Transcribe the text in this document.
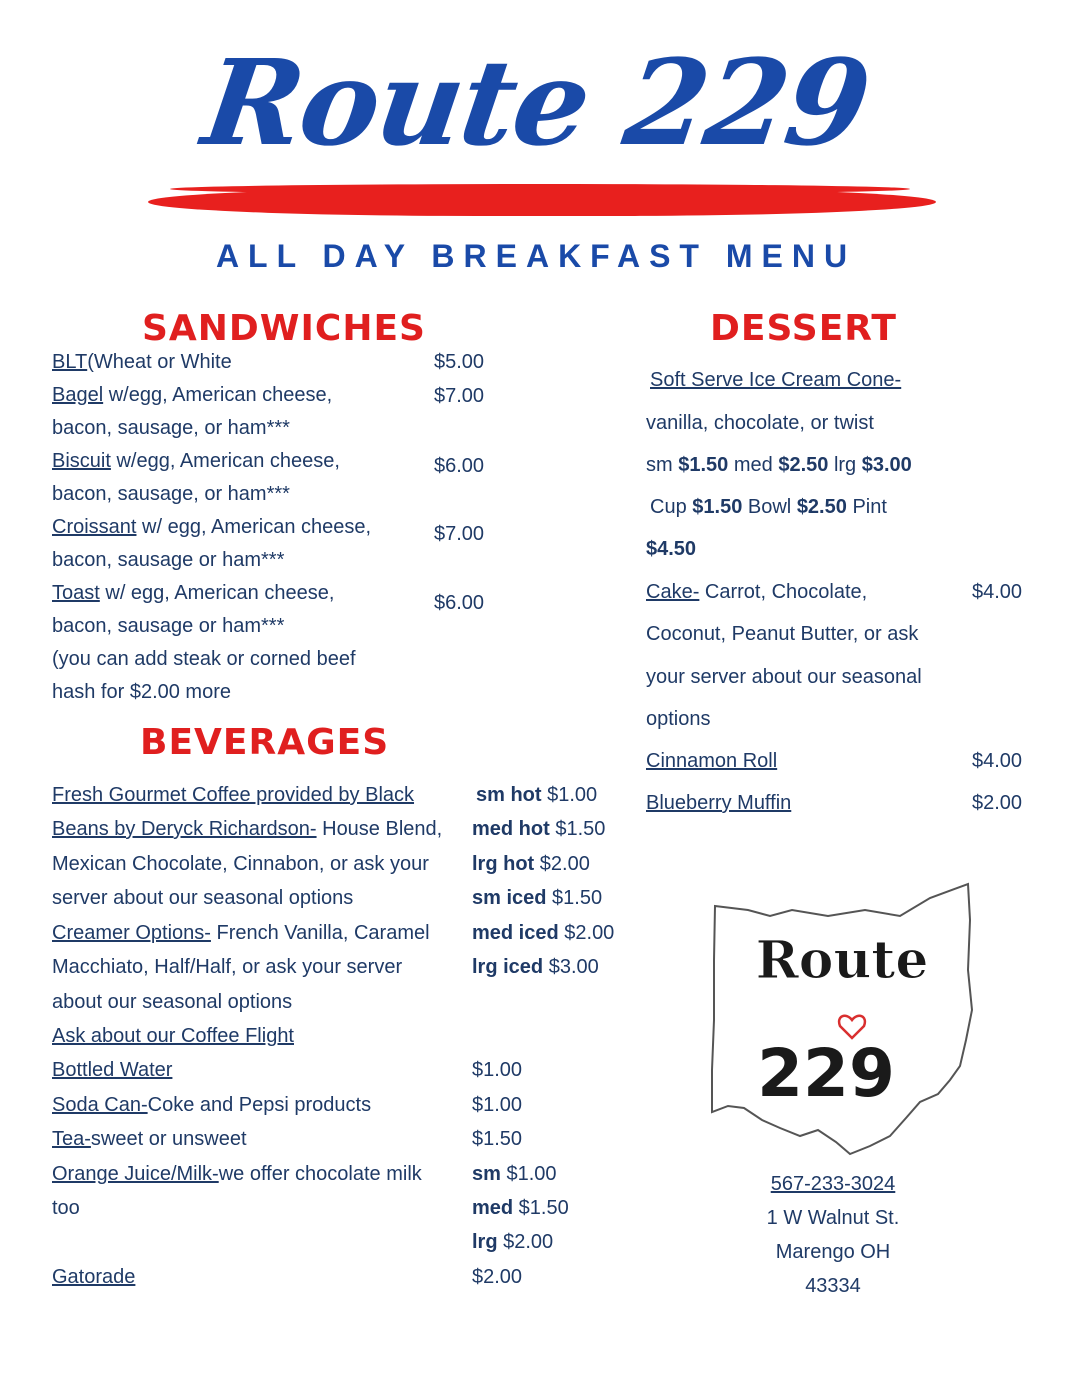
Route 229
ALL DAY BREAKFAST MENU
SANDWICHES
BLT(Wheat or White	$5.00
Bagel w/egg, American cheese,	$7.00
bacon, sausage, or ham***
Biscuit w/egg, American cheese,	$6.00
bacon, sausage, or ham***
Croissant w/ egg, American cheese,	$7.00
bacon, sausage or ham***
Toast w/ egg, American cheese,	$6.00
bacon, sausage or ham***
(you can add steak or corned beef
hash for $2.00 more
BEVERAGES
Fresh Gourmet Coffee provided by Black
Beans by Deryck Richardson- House Blend,
Mexican Chocolate, Cinnabon, or ask your
server about our seasonal options
Creamer Options- French Vanilla, Caramel
Macchiato, Half/Half, or ask your server
about our seasonal options
Ask about our Coffee Flight
sm hot $1.00
med hot $1.50
lrg hot $2.00
sm iced $1.50
med iced $2.00
lrg iced $3.00
Bottled Water	$1.00
Soda Can-Coke and Pepsi products	$1.00
Tea-sweet or unsweet	$1.50
Orange Juice/Milk-we offer chocolate milk
too
sm $1.00
med $1.50
lrg $2.00
Gatorade	$2.00
DESSERT
Soft Serve Ice Cream Cone-
vanilla, chocolate, or twist
sm $1.50 med $2.50 lrg $3.00
Cup $1.50 Bowl $2.50 Pint
$4.50
Cake- Carrot, Chocolate,	$4.00
Coconut, Peanut Butter, or ask
your server about our seasonal
options
Cinnamon Roll	$4.00
Blueberry Muffin	$2.00
Route
229
567-233-3024
1 W Walnut St.
Marengo OH
43334
